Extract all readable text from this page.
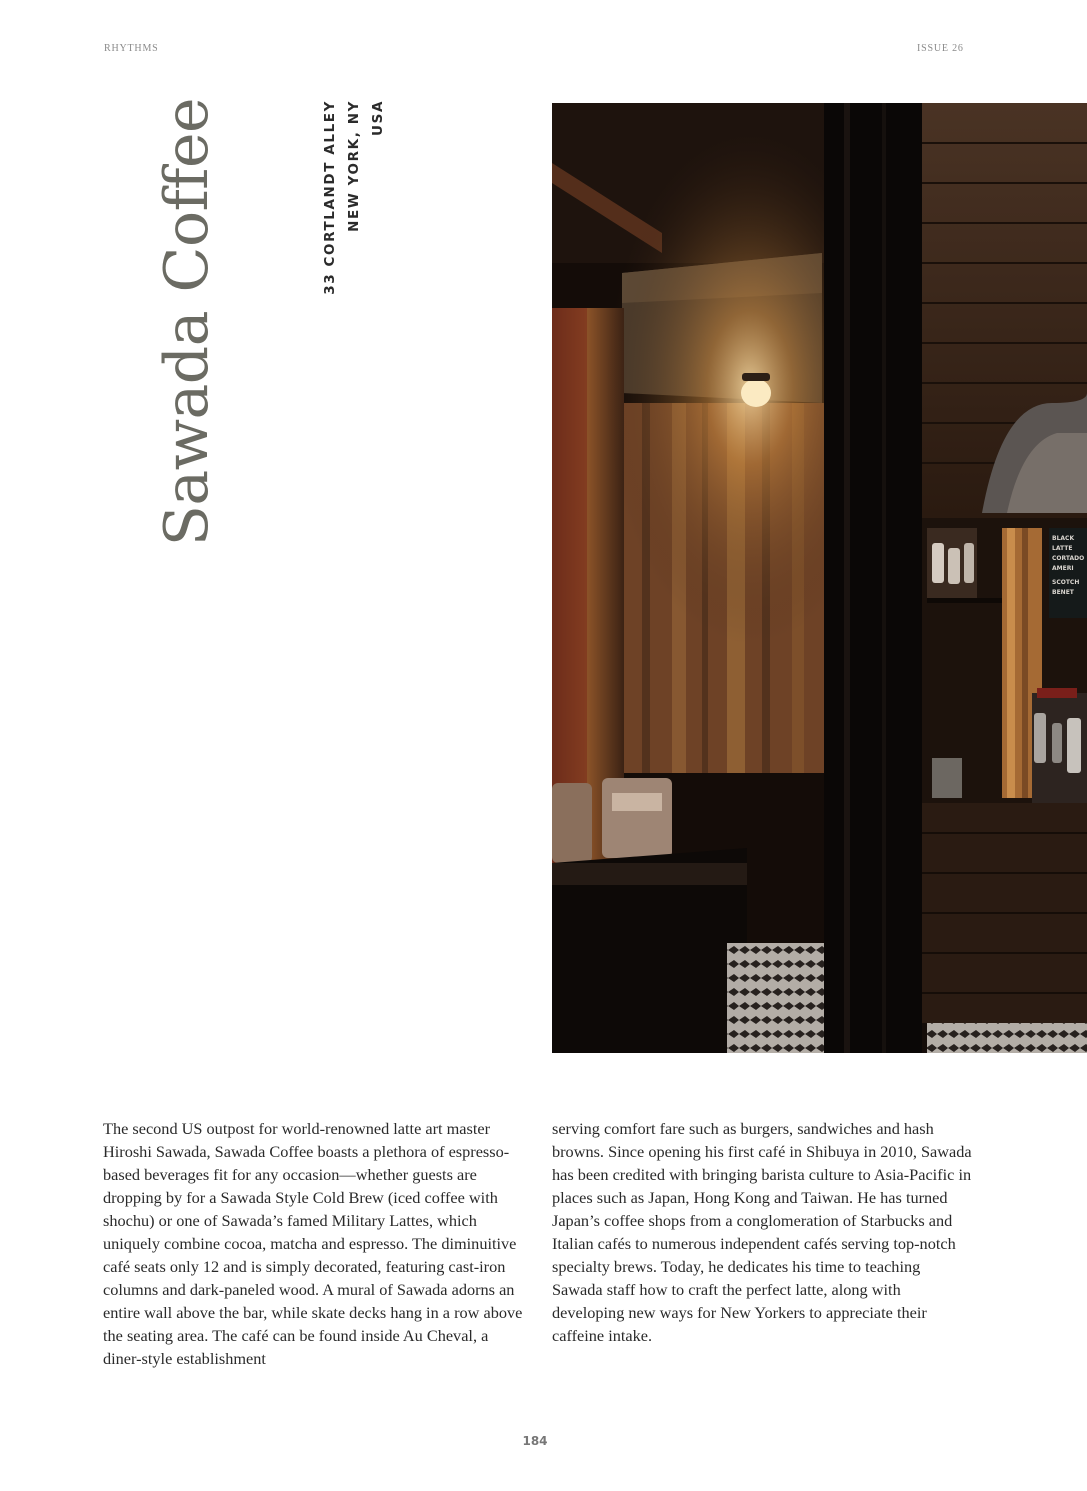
RHYTHMS	ISSUE 26
Sawada Coffee	33 CORTLANDT ALLEY NEW YORK, NY USA
BLACK
LATTE
CORTADO
AMERI
SCOTCH
BENET
The second US outpost for world-renowned latte art master Hiroshi Sawada, Sawada Coffee boasts a plethora of espresso-based beverages fit for any occasion—whether guests are dropping by for a Sawada Style Cold Brew (iced coffee with shochu) or one of Sawada’s famed Military Lattes, which uniquely combine cocoa, matcha and espresso. The diminuitive café seats only 12 and is simply decorated, featuring cast-iron columns and dark-paneled wood. A mural of Sawada adorns an entire wall above the bar, while skate decks hang in a row above the seating area. The café can be found inside Au Cheval, a diner-style establishment
serving comfort fare such as burgers, sandwiches and hash browns. Since opening his first café in Shibuya in 2010, Sawada has been credited with bringing barista culture to Asia-Pacific in places such as Japan, Hong Kong and Taiwan. He has turned Japan’s coffee shops from a conglomeration of Starbucks and Italian cafés to numerous independent cafés serving top-notch specialty brews. Today, he dedicates his time to teaching Sawada staff how to craft the perfect latte, along with developing new ways for New Yorkers to appreciate their caffeine intake.
184
